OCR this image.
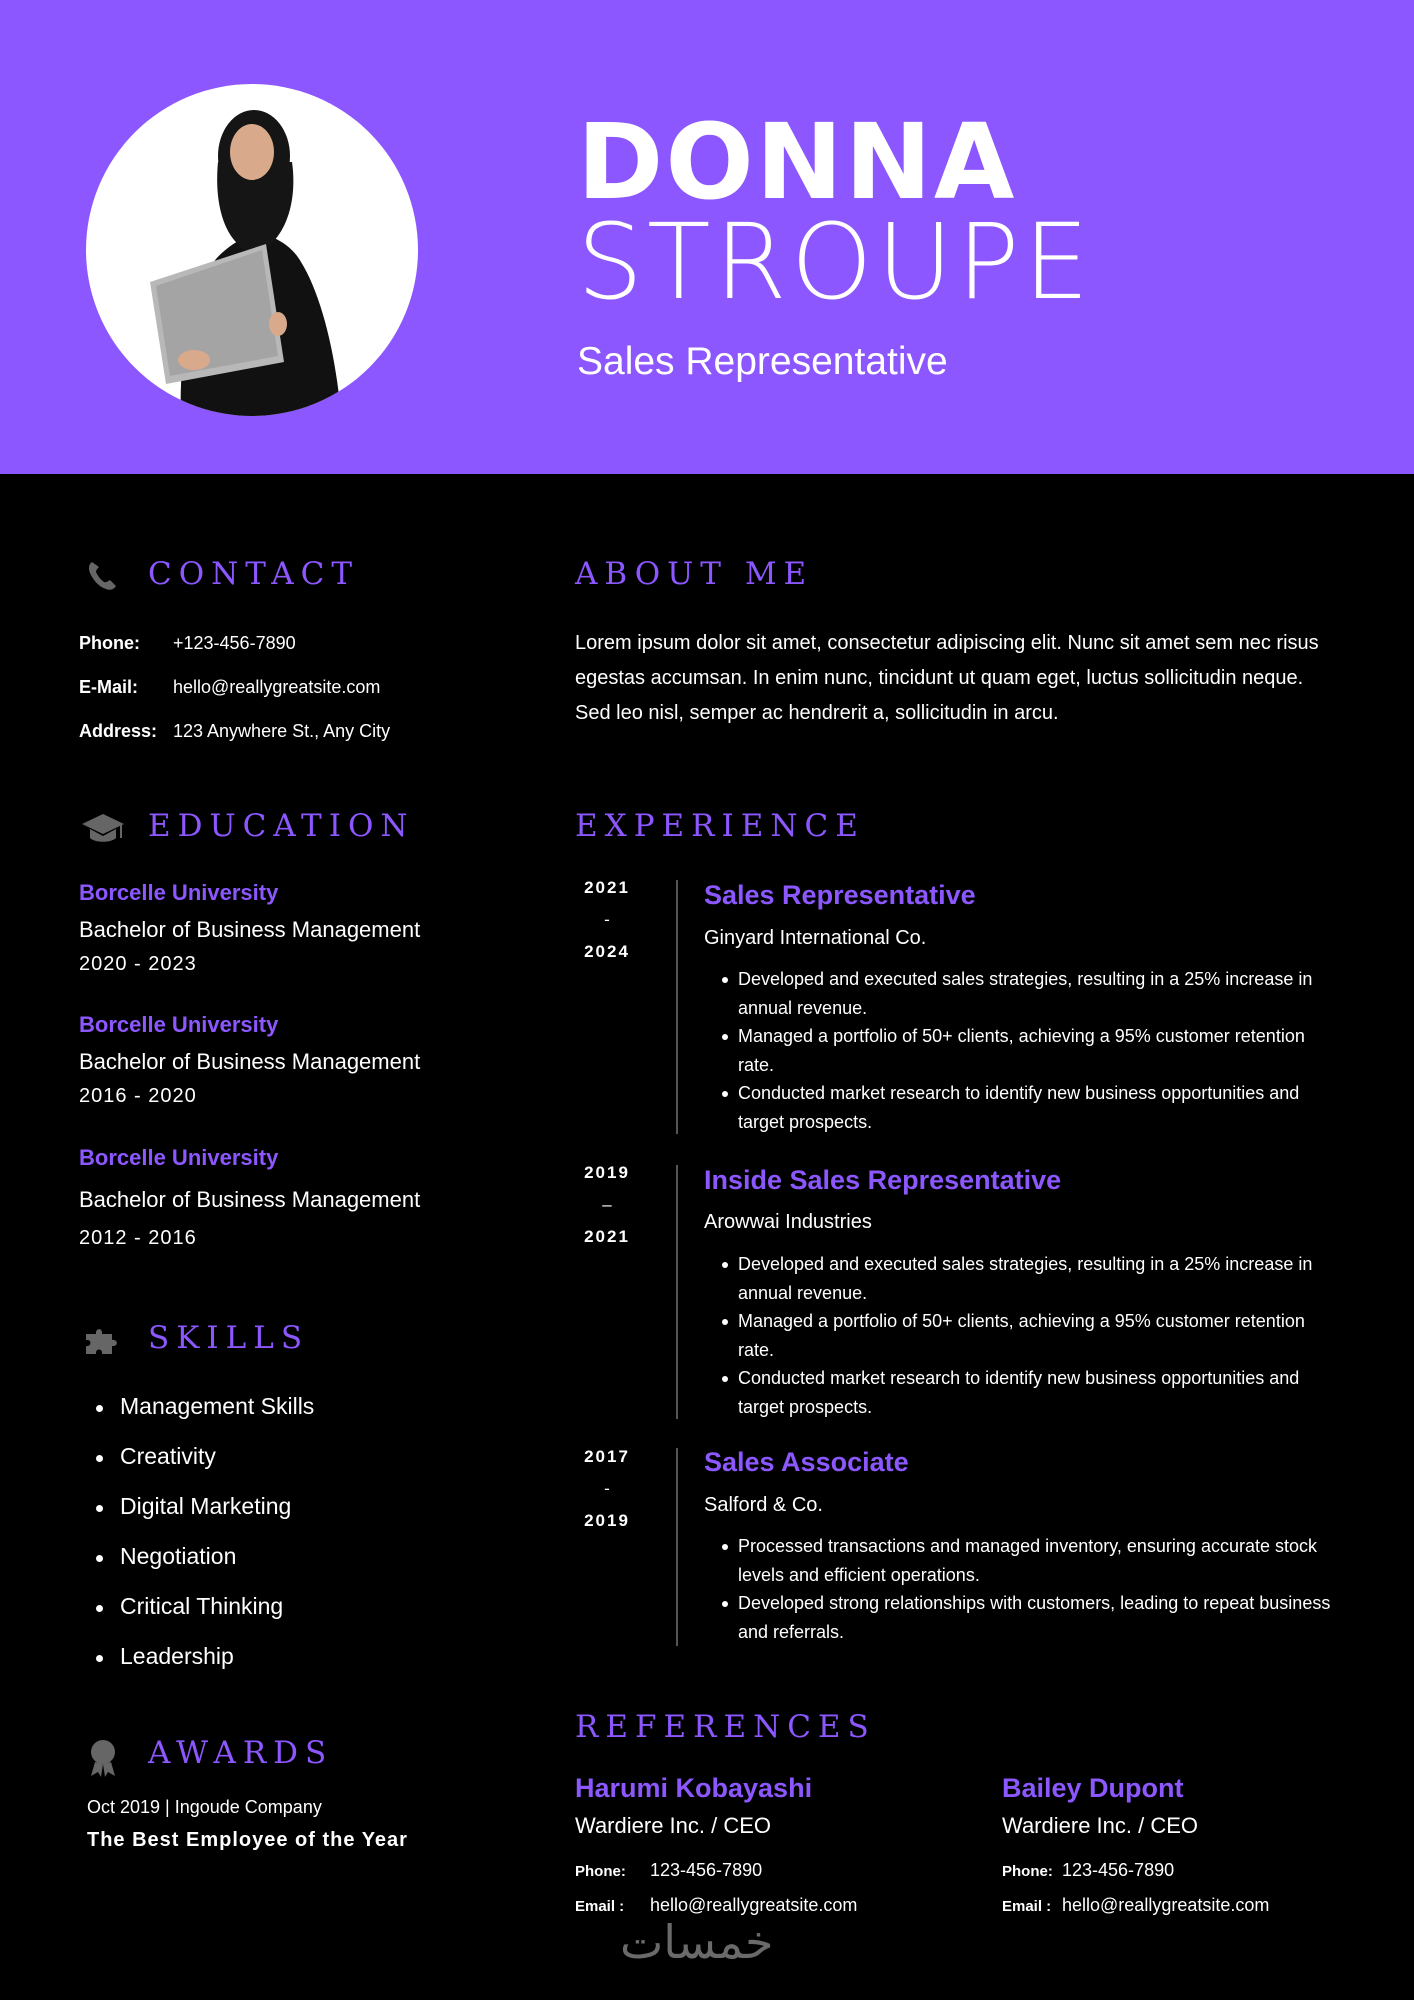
DONNA
STROUPE
Sales Representative
CONTACT
Phone: +123-456-7890
E-Mail: hello@reallygreatsite.com
Address: 123 Anywhere St., Any City
EDUCATION
Borcelle University
Bachelor of Business Management
2020 - 2023
Borcelle University
Bachelor of Business Management
2016 - 2020
Borcelle University
Bachelor of Business Management
2012 - 2016
SKILLS
Management Skills
Creativity
Digital Marketing
Negotiation
Critical Thinking
Leadership
AWARDS
Oct 2019 | Ingoude Company
The Best Employee of the Year
ABOUT ME
Lorem ipsum dolor sit amet, consectetur adipiscing elit. Nunc sit amet sem nec risus egestas accumsan. In enim nunc, tincidunt ut quam eget, luctus sollicitudin neque. Sed leo nisl, semper ac hendrerit a, sollicitudin in arcu.
EXPERIENCE
2021
-
2024
Sales Representative
Ginyard International Co.
Developed and executed sales strategies, resulting in a 25% increase in annual revenue.
Managed a portfolio of 50+ clients, achieving a 95% customer retention rate.
Conducted market research to identify new business opportunities and target prospects.
2019
–
2021
Inside Sales Representative
Arowwai Industries
Developed and executed sales strategies, resulting in a 25% increase in annual revenue.
Managed a portfolio of 50+ clients, achieving a 95% customer retention rate.
Conducted market research to identify new business opportunities and target prospects.
2017
-
2019
Sales Associate
Salford & Co.
Processed transactions and managed inventory, ensuring accurate stock levels and efficient operations.
Developed strong relationships with customers, leading to repeat business and referrals.
REFERENCES
Harumi Kobayashi
Wardiere Inc. / CEO
Phone: 123-456-7890
Email : hello@reallygreatsite.com
Bailey Dupont
Wardiere Inc. / CEO
Phone: 123-456-7890
Email : hello@reallygreatsite.com
خمسات
